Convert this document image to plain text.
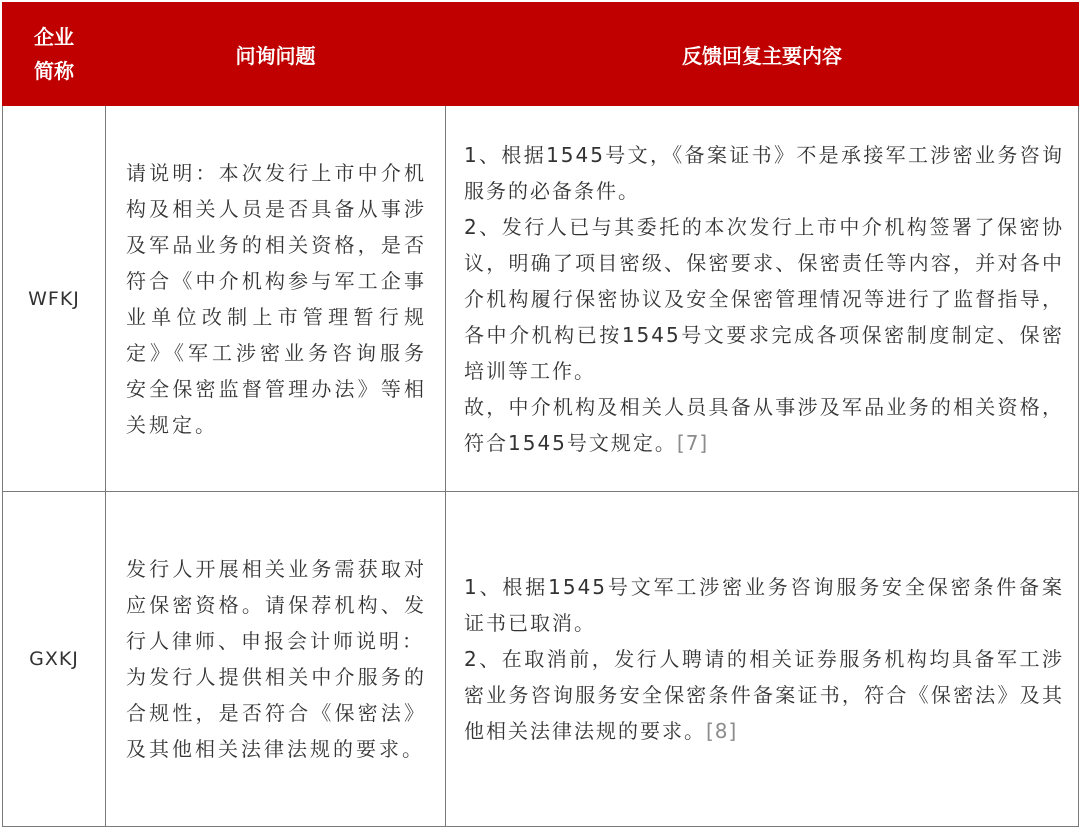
企业
简称	问询问题	反馈回复主要内容
WFKJ	请说明：本次发行上市中介机构及相关人员是否具备从事涉及军品业务的相关资格，是否符合《中介机构参与军工企事业单位改制上市管理暂行规定》《军工涉密业务咨询服务安全保密监督管理办法》等相关规定。	1、根据1545号文，《备案证书》不是承接军工涉密业务咨询服务的必备条件。
2、发行人已与其委托的本次发行上市中介机构签署了保密协议，明确了项目密级、保密要求、保密责任等内容，并对各中介机构履行保密协议及安全保密管理情况等进行了监督指导，各中介机构已按1545号文要求完成各项保密制度制定、保密培训等工作。
故，中介机构及相关人员具备从事涉及军品业务的相关资格，符合1545号文规定。[7]
GXKJ	发行人开展相关业务需获取对应保密资格。请保荐机构、发行人律师、申报会计师说明：
为发行人提供相关中介服务的合规性，是否符合《保密法》及其他相关法律法规的要求。	1、根据1545号文军工涉密业务咨询服务安全保密条件备案证书已取消。
2、在取消前，发行人聘请的相关证券服务机构均具备军工涉密业务咨询服务安全保密条件备案证书，符合《保密法》及其他相关法律法规的要求。[8]
